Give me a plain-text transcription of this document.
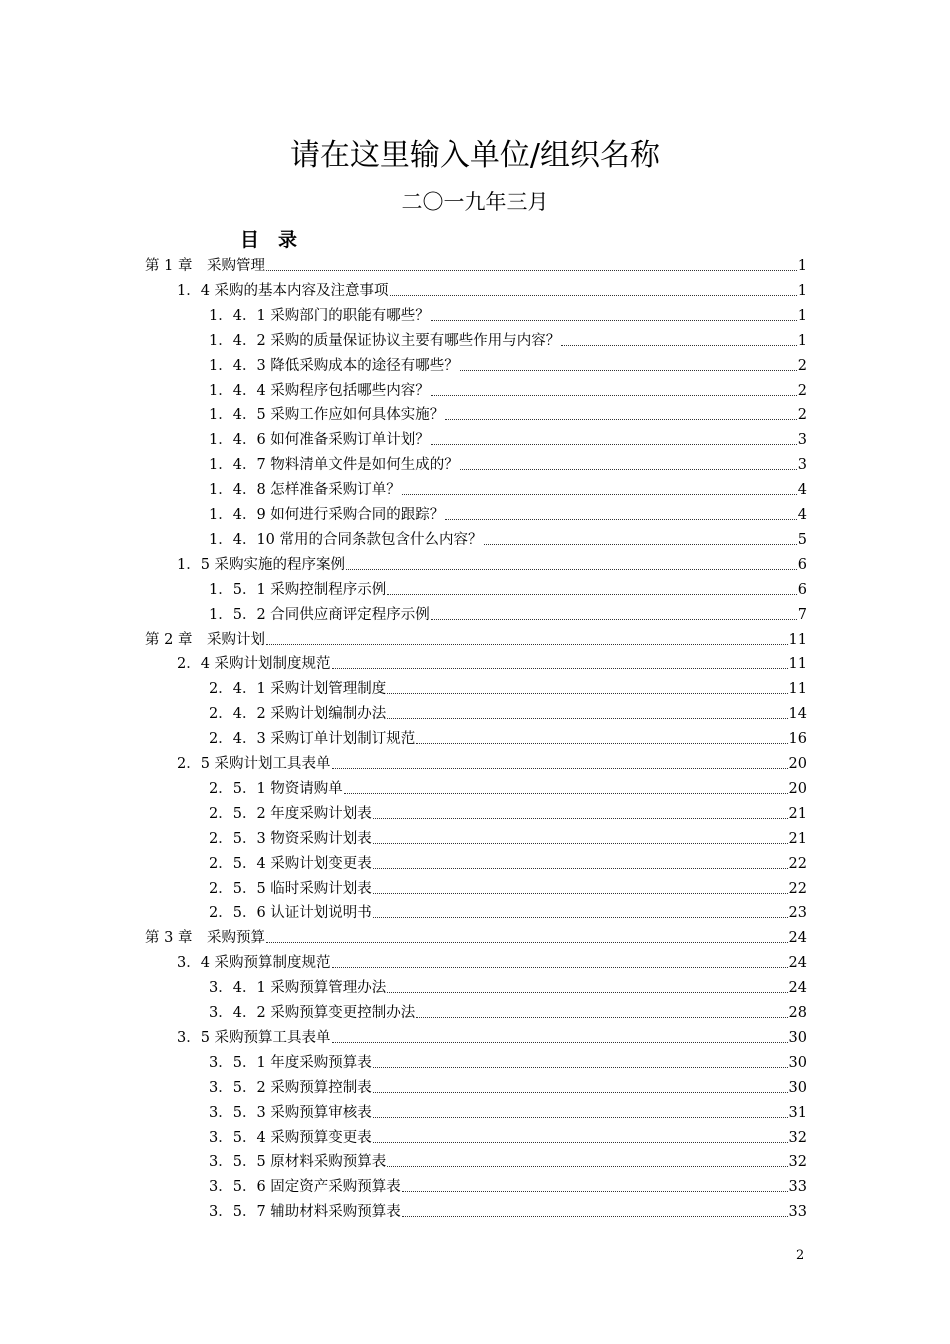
请在这里输入单位/组织名称
二〇一九年三月
目　录
第 1 章　采购管理	1
1．4 采购的基本内容及注意事项	1
1．4．1 采购部门的职能有哪些？	1
1．4．2 采购的质量保证协议主要有哪些作用与内容？	1
1．4．3 降低采购成本的途径有哪些？	2
1．4．4 采购程序包括哪些内容？	2
1．4．5 采购工作应如何具体实施？	2
1．4．6 如何准备采购订单计划？	3
1．4．7 物料清单文件是如何生成的？	3
1．4．8 怎样准备采购订单？	4
1．4．9 如何进行采购合同的跟踪？	4
1．4．10 常用的合同条款包含什么内容？	5
1．5 采购实施的程序案例	6
1．5．1 采购控制程序示例	6
1．5．2 合同供应商评定程序示例	7
第 2 章　采购计划	11
2．4 采购计划制度规范	11
2．4．1 采购计划管理制度	11
2．4．2 采购计划编制办法	14
2．4．3 采购订单计划制订规范	16
2．5 采购计划工具表单	20
2．5．1 物资请购单	20
2．5．2 年度采购计划表	21
2．5．3 物资采购计划表	21
2．5．4 采购计划变更表	22
2．5．5 临时采购计划表	22
2．5．6 认证计划说明书	23
第 3 章　采购预算	24
3．4 采购预算制度规范	24
3．4．1 采购预算管理办法	24
3．4．2 采购预算变更控制办法	28
3．5 采购预算工具表单	30
3．5．1 年度采购预算表	30
3．5．2 采购预算控制表	30
3．5．3 采购预算审核表	31
3．5．4 采购预算变更表	32
3．5．5 原材料采购预算表	32
3．5．6 固定资产采购预算表	33
3．5．7 辅助材料采购预算表	33
2
